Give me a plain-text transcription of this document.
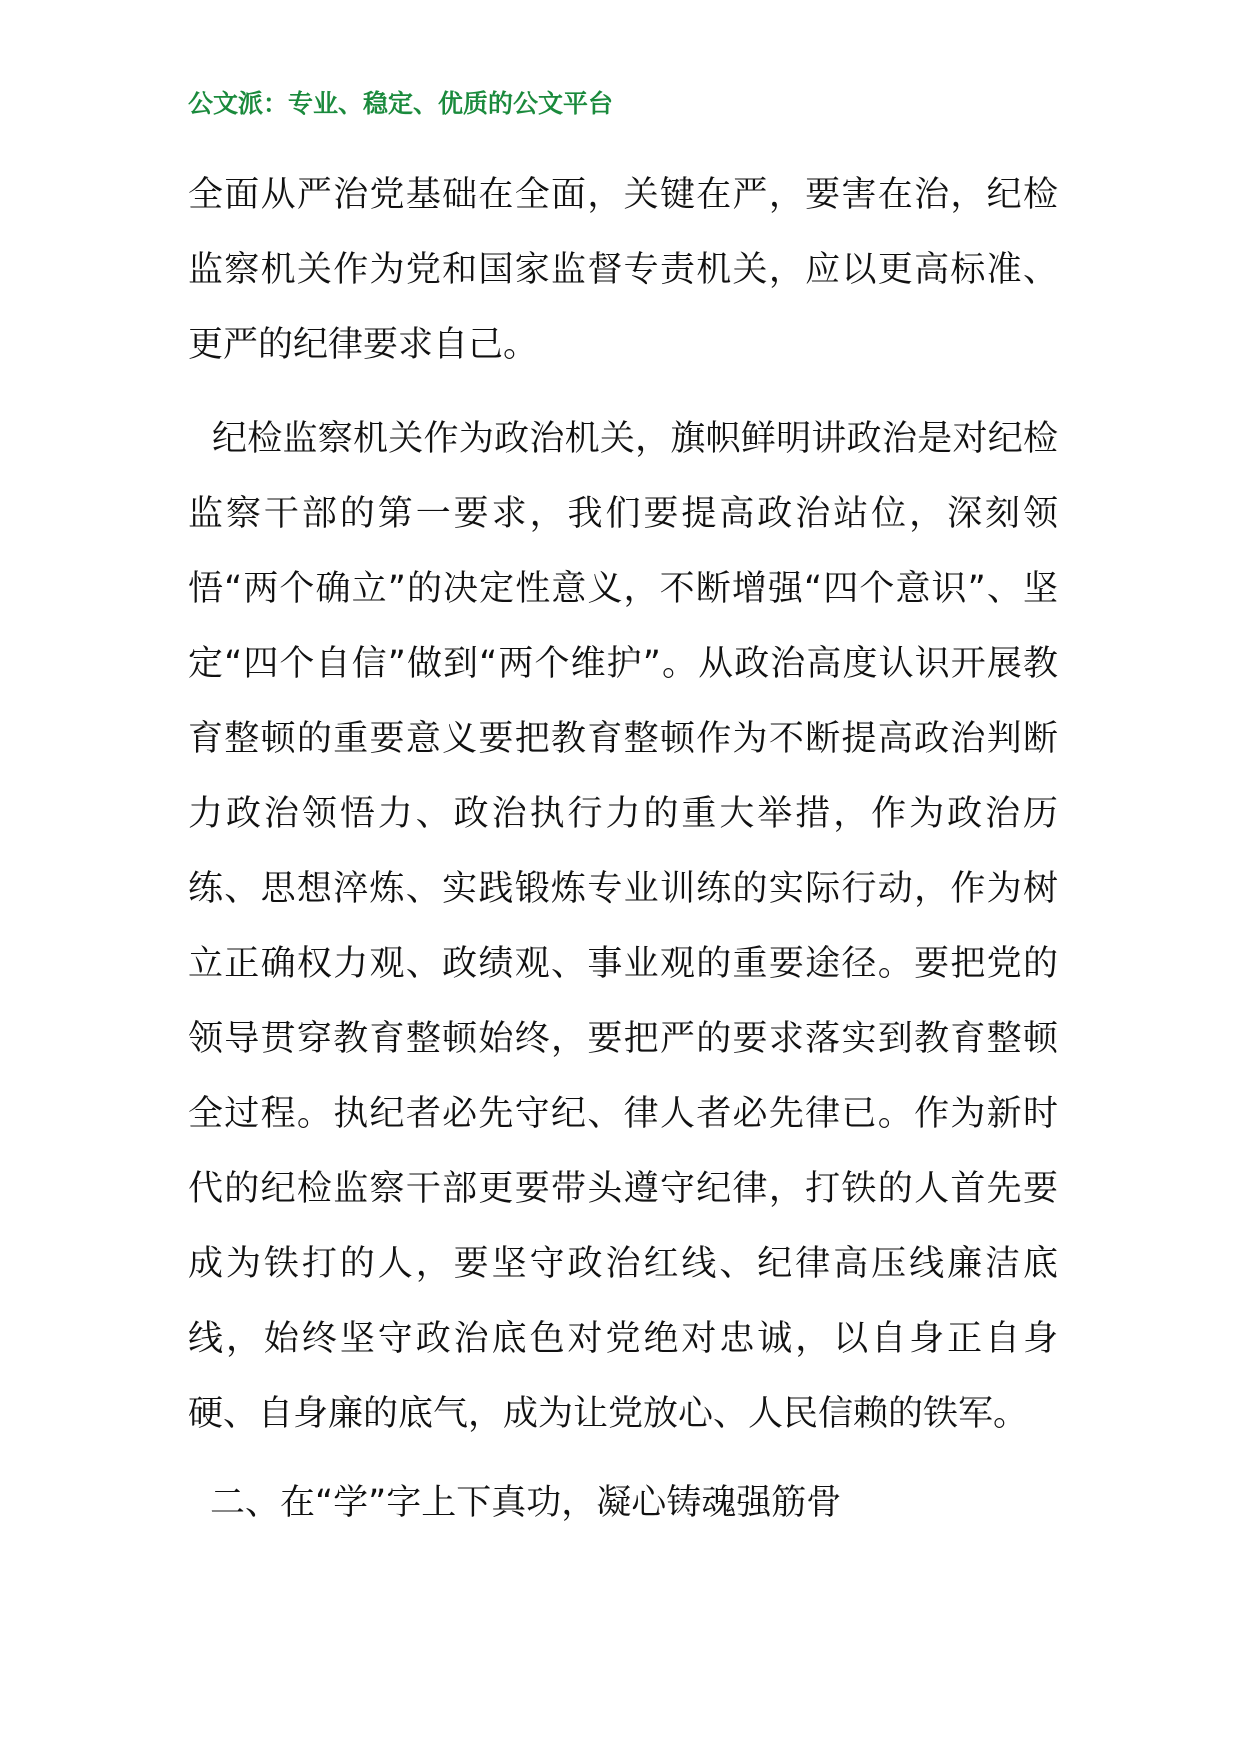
公文派：专业、稳定、优质的公文平台
全面从严治党基础在全面，关键在严，要害在治，纪检监察机关作为党和国家监督专责机关，应以更高标准、更严的纪律要求自己。
纪检监察机关作为政治机关，旗帜鲜明讲政治是对纪检监察干部的第一要求，我们要提高政治站位，深刻领悟“两个确立”的决定性意义，不断增强“四个意识”、坚定“四个自信”做到“两个维护”。从政治高度认识开展教育整顿的重要意义要把教育整顿作为不断提高政治判断力政治领悟力、政治执行力的重大举措，作为政治历练、思想淬炼、实践锻炼专业训练的实际行动，作为树立正确权力观、政绩观、事业观的重要途径。要把党的领导贯穿教育整顿始终，要把严的要求落实到教育整顿全过程。执纪者必先守纪、律人者必先律已。作为新时代的纪检监察干部更要带头遵守纪律，打铁的人首先要成为铁打的人，要坚守政治红线、纪律高压线廉洁底线，始终坚守政治底色对党绝对忠诚，以自身正自身硬、自身廉的底气，成为让党放心、人民信赖的铁军。
二、在“学”字上下真功，凝心铸魂强筋骨
